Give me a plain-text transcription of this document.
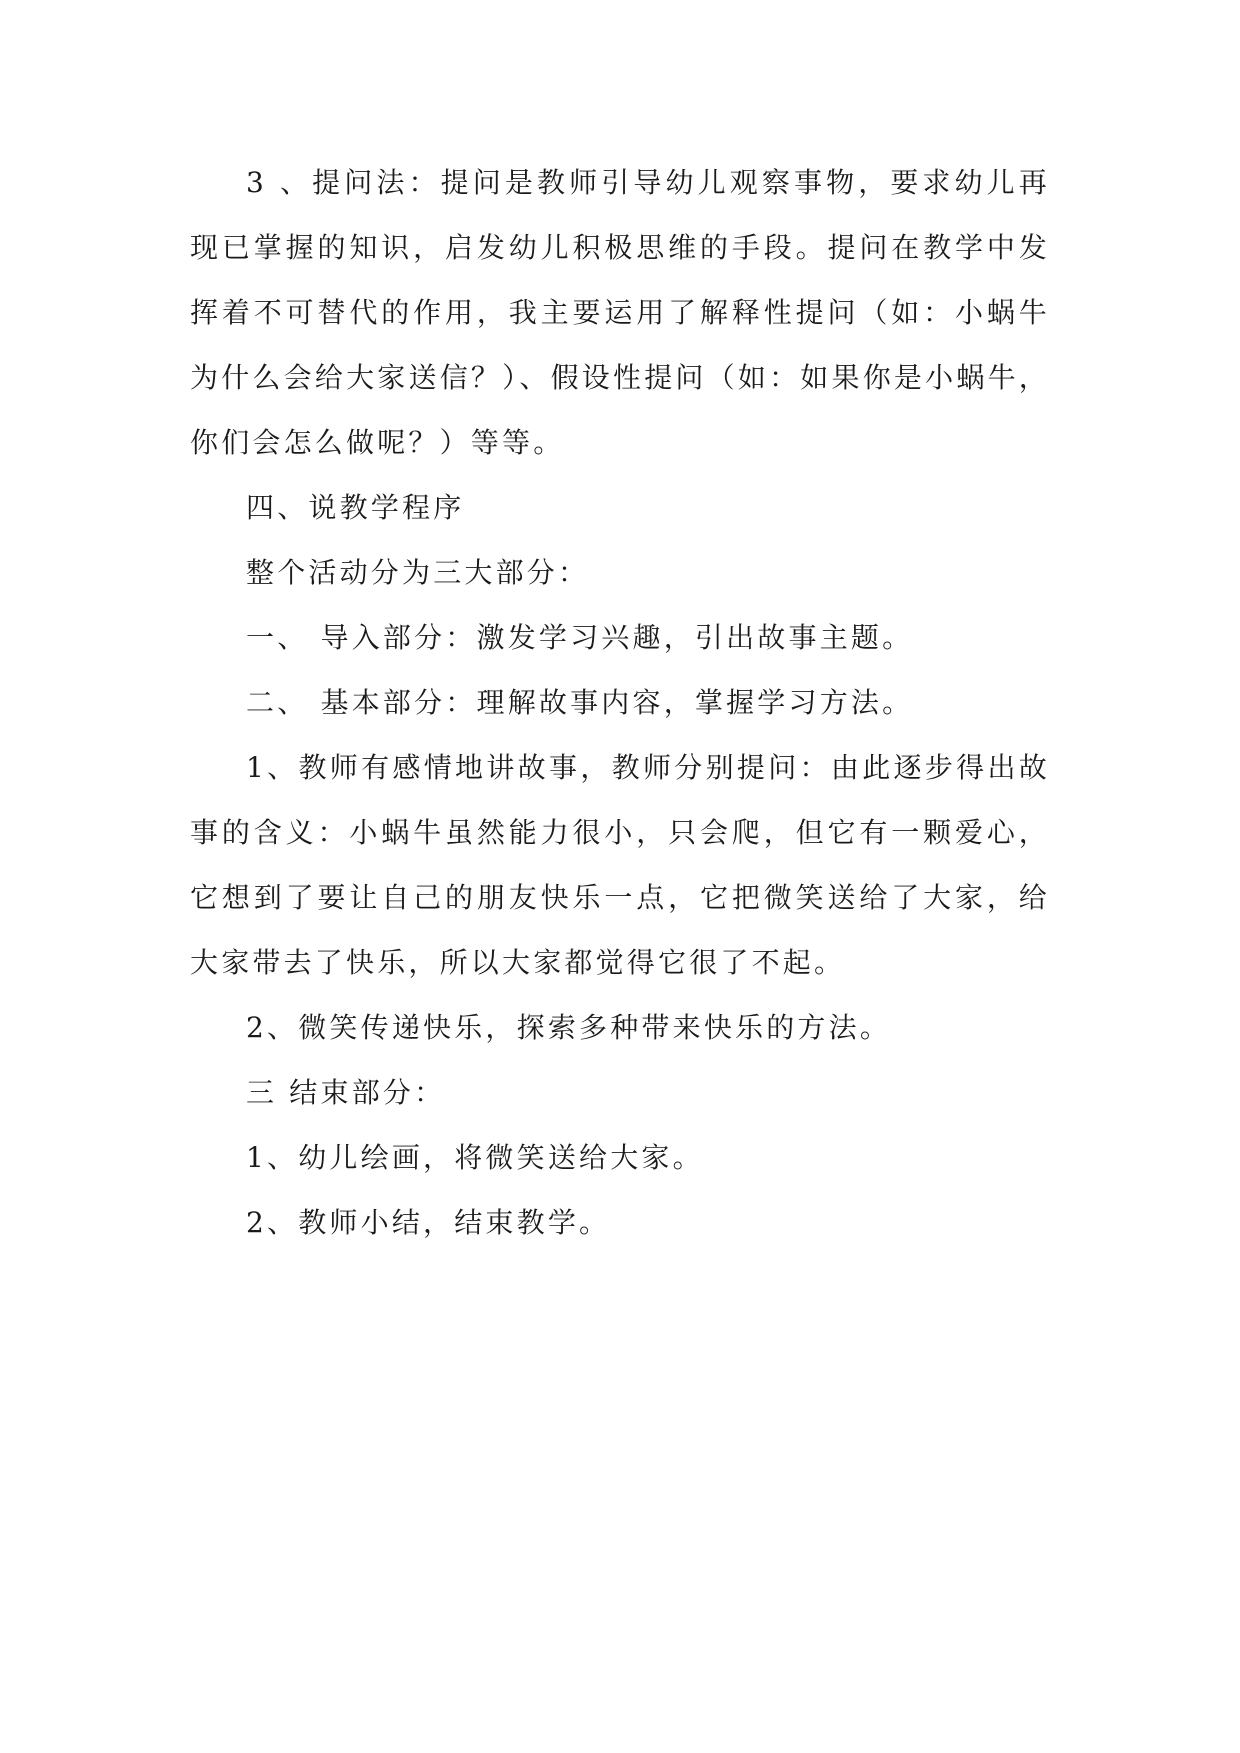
3 、提问法：提问是教师引导幼儿观察事物，要求幼儿再现已掌握的知识，启发幼儿积极思维的手段。提问在教学中发挥着不可替代的作用，我主要运用了解释性提问（如：小蜗牛为什么会给大家送信？）、假设性提问（如：如果你是小蜗牛，你们会怎么做呢？）等等。

四、说教学程序

整个活动分为三大部分：

一、 导入部分：激发学习兴趣，引出故事主题。

二、 基本部分：理解故事内容，掌握学习方法。

1、教师有感情地讲故事，教师分别提问：由此逐步得出故事的含义：小蜗牛虽然能力很小，只会爬，但它有一颗爱心，它想到了要让自己的朋友快乐一点，它把微笑送给了大家，给大家带去了快乐，所以大家都觉得它很了不起。

2、微笑传递快乐，探索多种带来快乐的方法。

三 结束部分：

1、幼儿绘画，将微笑送给大家。

2、教师小结，结束教学。
